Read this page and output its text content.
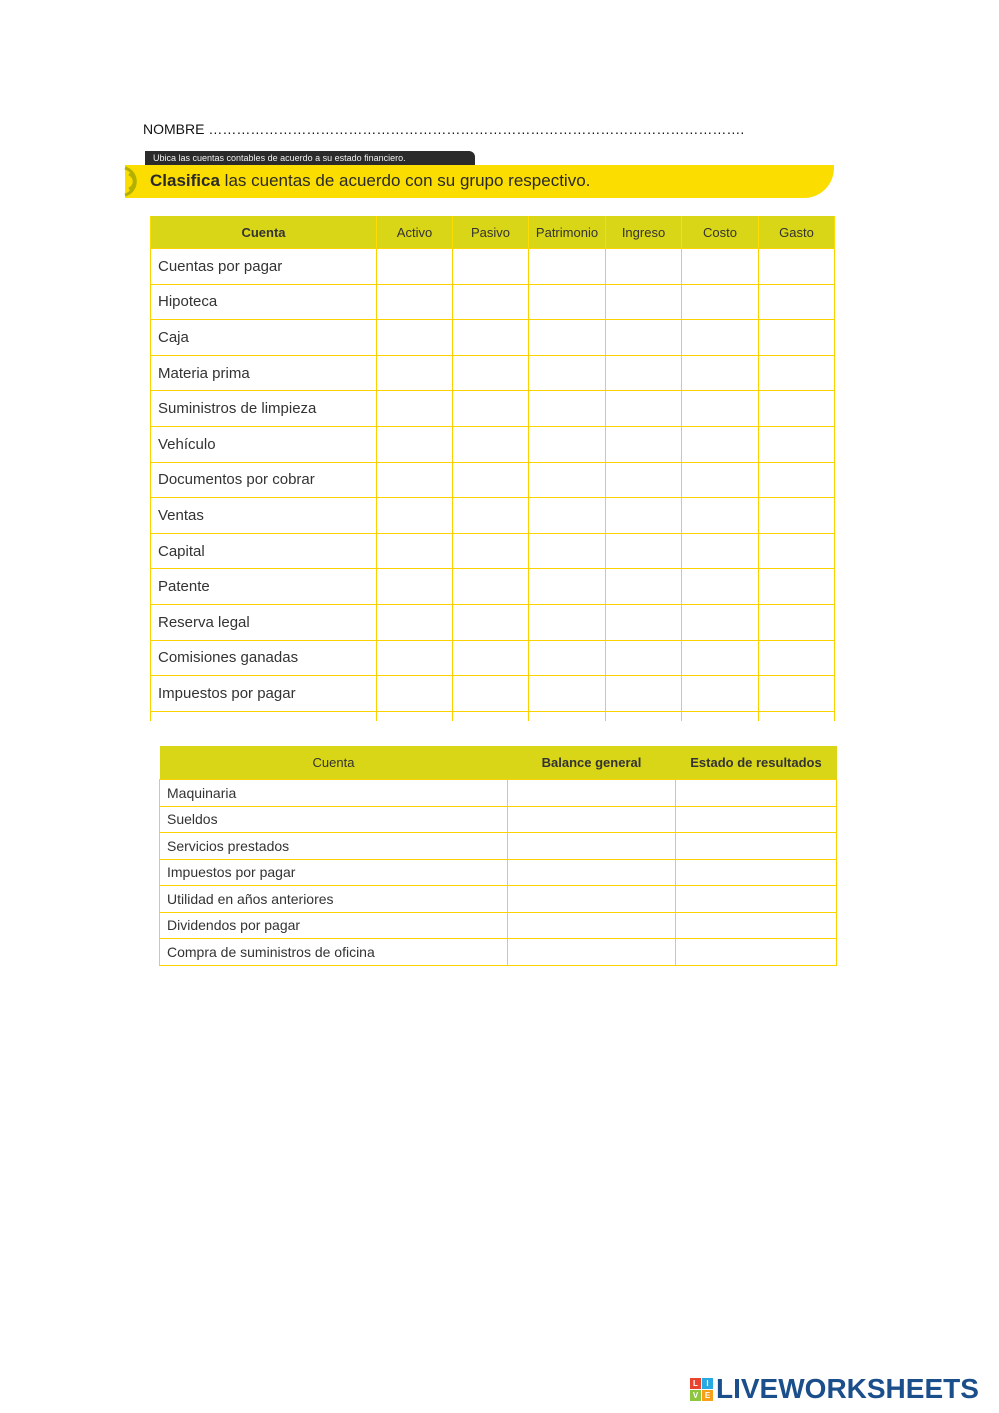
NOMBRE …………………………………………………………………………………………………….
Ubica las cuentas contables de acuerdo a su estado financiero.
Clasifica las cuentas de acuerdo con su grupo respectivo.
Cuenta	Activo	Pasivo	Patrimonio	Ingreso	Costo	Gasto
Cuentas por pagar						
Hipoteca						
Caja						
Materia prima						
Suministros de limpieza						
Vehículo						
Documentos por cobrar						
Ventas						
Capital						
Patente						
Reserva legal						
Comisiones ganadas						
Impuestos por pagar						

Cuenta	Balance general	Estado de resultados
Maquinaria		
Sueldos		
Servicios prestados		
Impuestos por pagar		
Utilidad en años anteriores		
Dividendos por pagar		
Compra de suministros de oficina		
L	I
V E LIVEWORKSHEETS
